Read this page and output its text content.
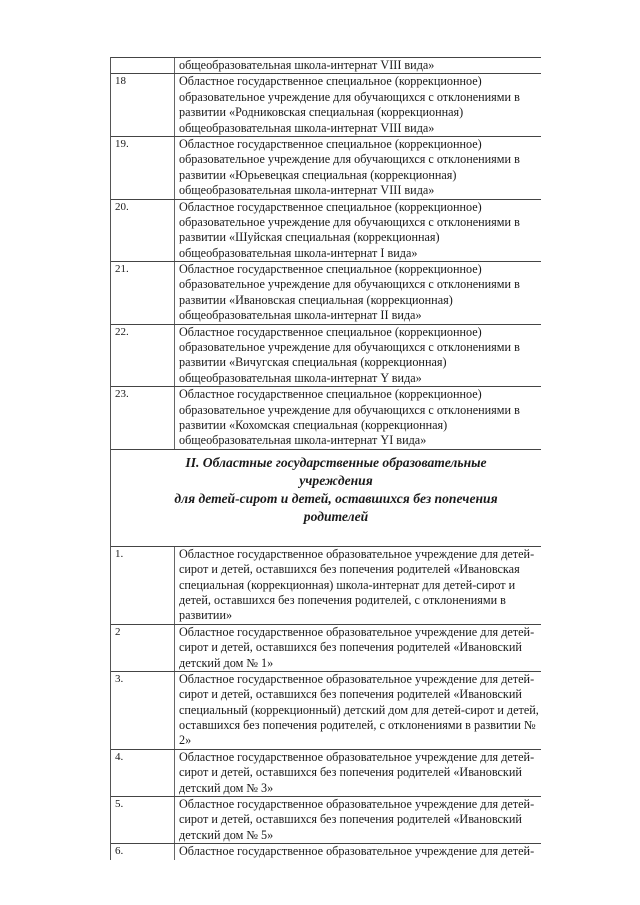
общеобразовательная школа-интернат VIII вида»
18	Областное государственное специальное (коррекционное)
образовательное учреждение для обучающихся с отклонениями в
развитии «Родниковская специальная (коррекционная)
общеобразовательная школа-интернат VIII вида»
19.	Областное государственное специальное (коррекционное)
образовательное учреждение для обучающихся с отклонениями в
развитии «Юрьевецкая специальная (коррекционная)
общеобразовательная школа-интернат VIII вида»
20.	Областное государственное специальное (коррекционное)
образовательное учреждение для обучающихся с отклонениями в
развитии «Шуйская специальная (коррекционная)
общеобразовательная школа-интернат I вида»
21.	Областное государственное специальное (коррекционное)
образовательное учреждение для обучающихся с отклонениями в
развитии «Ивановская специальная (коррекционная)
общеобразовательная школа-интернат II вида»
22.	Областное государственное специальное (коррекционное)
образовательное учреждение для обучающихся с отклонениями в
развитии «Вичугская специальная (коррекционная)
общеобразовательная школа-интернат Y вида»
23.	Областное государственное специальное (коррекционное)
образовательное учреждение для обучающихся с отклонениями в
развитии «Кохомская специальная (коррекционная)
общеобразовательная школа-интернат YI вида»
II. Областные государственные образовательные
учреждения
для детей-сирот и детей, оставшихся без попечения
родителей
1.	Областное государственное образовательное учреждение для детей-
сирот и детей, оставшихся без попечения родителей «Ивановская
специальная (коррекционная) школа-интернат для детей-сирот и
детей, оставшихся без попечения родителей, с отклонениями в
развитии»
2	Областное государственное образовательное учреждение для детей-
сирот и детей, оставшихся без попечения родителей «Ивановский
детский дом № 1»
3.	Областное государственное образовательное учреждение для детей-
сирот и детей, оставшихся без попечения родителей «Ивановский
специальный (коррекционный) детский дом для детей-сирот и детей,
оставшихся без попечения родителей, с отклонениями в развитии №
2»
4.	Областное государственное образовательное учреждение для детей-
сирот и детей, оставшихся без попечения родителей «Ивановский
детский дом № 3»
5.	Областное государственное образовательное учреждение для детей-
сирот и детей, оставшихся без попечения родителей «Ивановский
детский дом № 5»
6.	Областное государственное образовательное учреждение для детей-
